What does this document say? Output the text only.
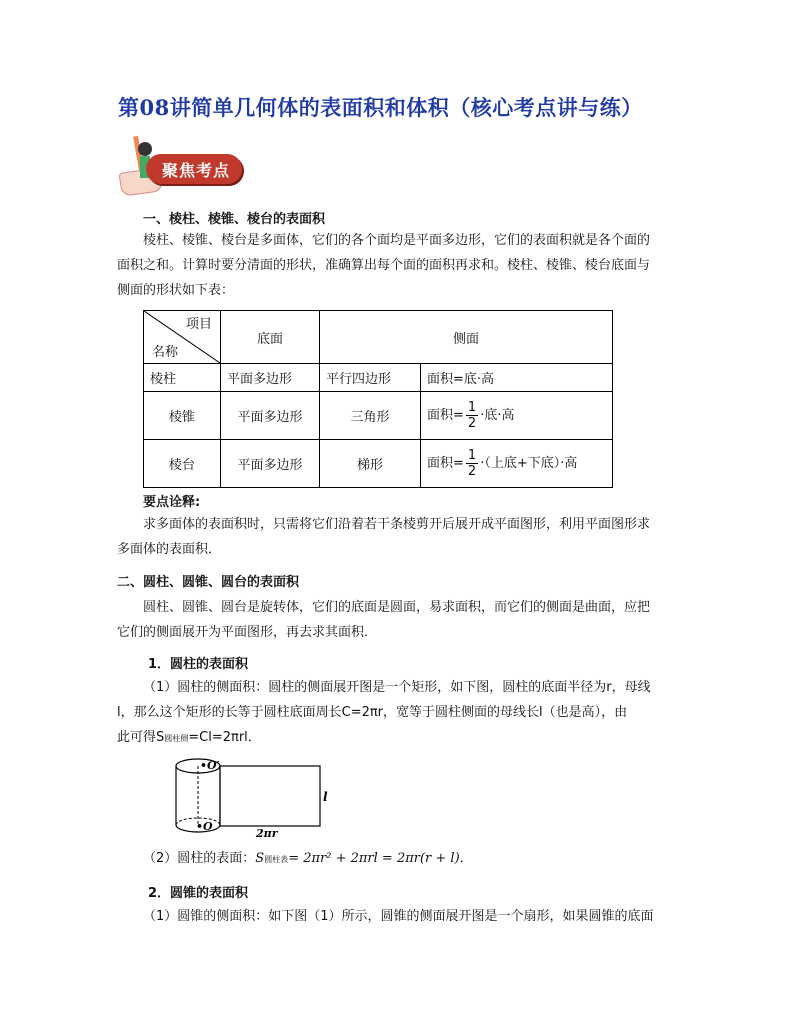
第08讲简单几何体的表面积和体积（核心考点讲与练）
聚焦考点
一、棱柱、棱锥、棱台的表面积
棱柱、棱锥、棱台是多面体，它们的各个面均是平面多边形，它们的表面积就是各个面的
面积之和。计算时要分清面的形状，准确算出每个面的面积再求和。棱柱、棱锥、棱台底面与
侧面的形状如下表：
项目
名称	底面	侧面	
棱柱	平面多边形	平行四边形	面积=底·高
棱锥	平面多边形	三角形	面积= $\frac{1}{2}$ ·底·高
棱台	平面多边形	梯形	面积= $\frac{1}{2}$ ·（上底+下底）·高
要点诠释:
求多面体的表面积时，只需将它们沿着若干条棱剪开后展开成平面图形，利用平面图形求
多面体的表面积．
二、圆柱、圆锥、圆台的表面积
圆柱、圆锥、圆台是旋转体，它们的底面是圆面，易求面积，而它们的侧面是曲面，应把
它们的侧面展开为平面图形，再去求其面积．
1．圆柱的表面积
（1）圆柱的侧面积：圆柱的侧面展开图是一个矩形，如下图，圆柱的底面半径为r，母线
l，那么这个矩形的长等于圆柱底面周长C=2πr，宽等于圆柱侧面的母线长l（也是高），由
此可得S圆柱侧=Cl=2πrl．
•O′
•O
l
2πr
（2）圆柱的表面：S圆柱表= 2πr² + 2πrl = 2πr(r + l)．
2．圆锥的表面积
（1）圆锥的侧面积：如下图（1）所示，圆锥的侧面展开图是一个扇形，如果圆锥的底面
